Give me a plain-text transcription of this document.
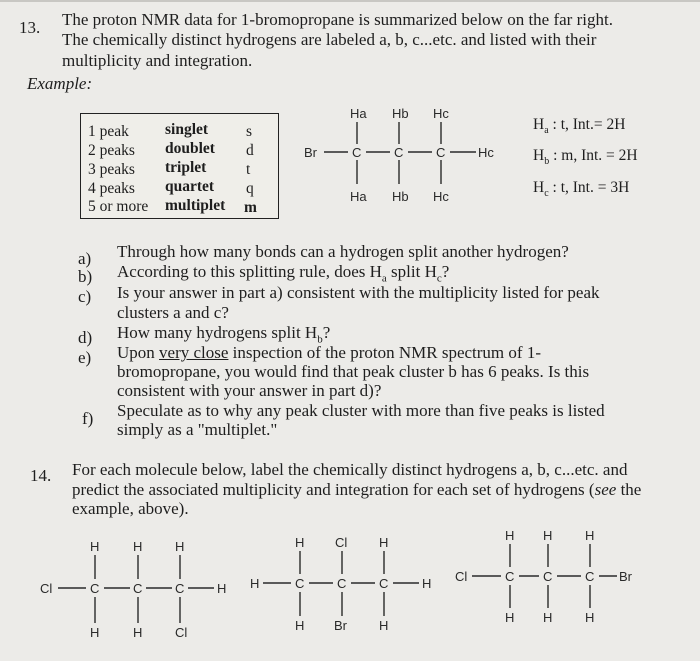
13. The proton NMR data for 1-bromopropane is summarized below on the far right.
The chemically distinct hydrogens are labeled a, b, c...etc. and listed with their
multiplicity and integration.
Example:
1 peak singlet s
2 peaks doublet d
3 peaks triplet	t
4 peaks quartet q
5 or more multiplet m
Br	C	C	C	Hc
Ha Hb Hc
Ha Hb Hc
Cl	C	C	C	H
H	H	H
H	H	Cl
H	C	C	C	H
H Cl H
H Br H
Cl	C C	C Br
H H	H
H H	H
$H_a$ : t, Int.= 2H
$H_b$ : m, Int. = 2H
$H_c$ : t, Int. = 3H
a) Through how many bonds can a hydrogen split another hydrogen?
b) According to this splitting rule, does $H_a$ split $H_c$?
c) Is your answer in part a) consistent with the multiplicity listed for peak
clusters a and c?
d) How many hydrogens split $H_b$?
e) Upon very close inspection of the proton NMR spectrum of 1-
bromopropane, you would find that peak cluster b has 6 peaks. Is this
consistent with your answer in part d)?
f) Speculate as to why any peak cluster with more than five peaks is listed
simply as a "multiplet."
14. For each molecule below, label the chemically distinct hydrogens a, b, c...etc. and
predict the associated multiplicity and integration for each set of hydrogens (see the
example, above).
